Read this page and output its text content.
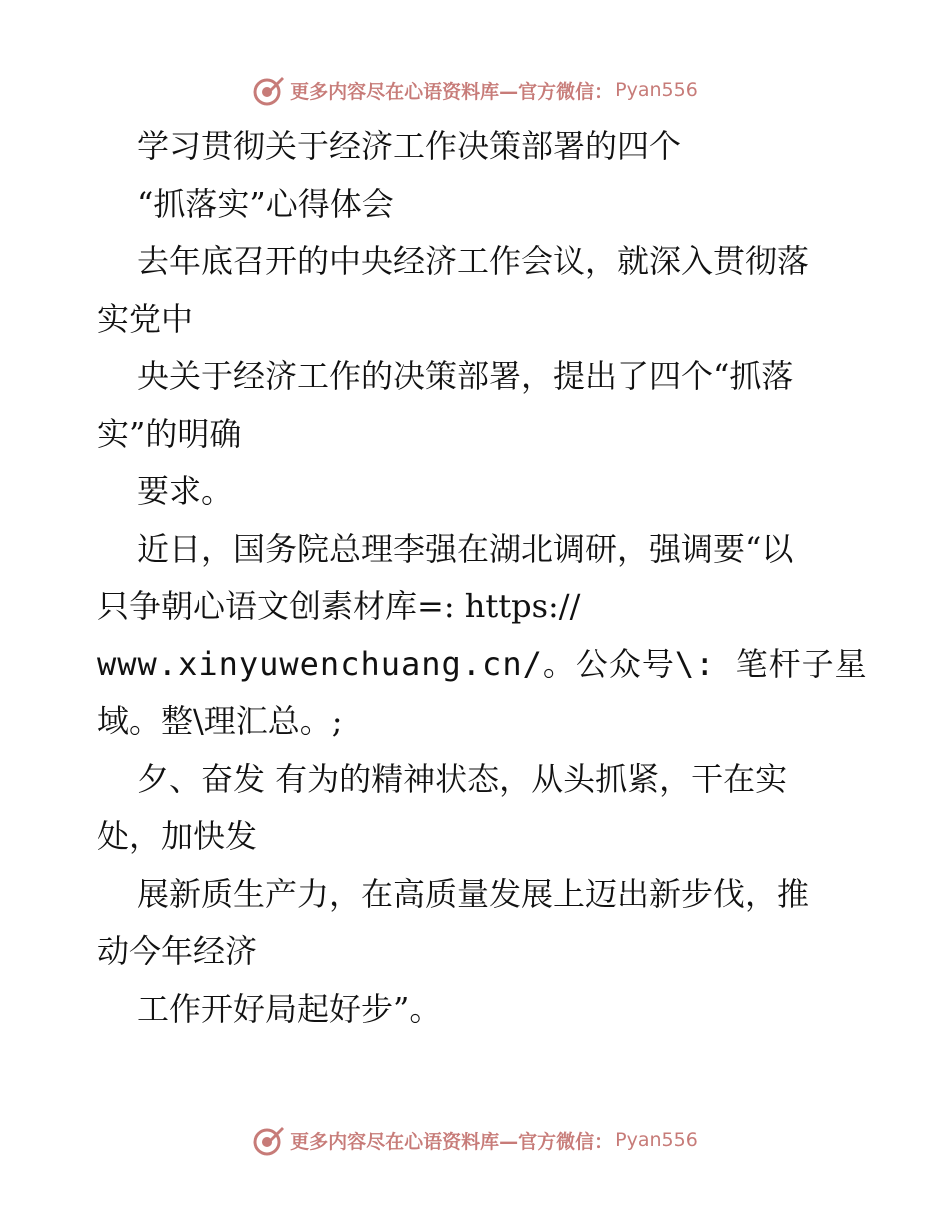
更多内容尽在心语资料库—官方微信： Pyan556
学习贯彻关于经济工作决策部署的四个
“抓落实”心得体会
去年底召开的中央经济工作会议，就深入贯彻落
实党中
央关于经济工作的决策部署，提出了四个“抓落
实”的明确
要求。
近日，国务院总理李强在湖北调研，强调要“以
只争朝心语文创素材库=: https://
www.xinyuwenchuang.cn/。公众号\: 笔杆子星
域。整\理汇总。;
夕、奋发 有为的精神状态，从头抓紧，干在实
处，加快发
展新质生产力，在高质量发展上迈出新步伐，推
动今年经济
工作开好局起好步”。
更多内容尽在心语资料库—官方微信： Pyan556
